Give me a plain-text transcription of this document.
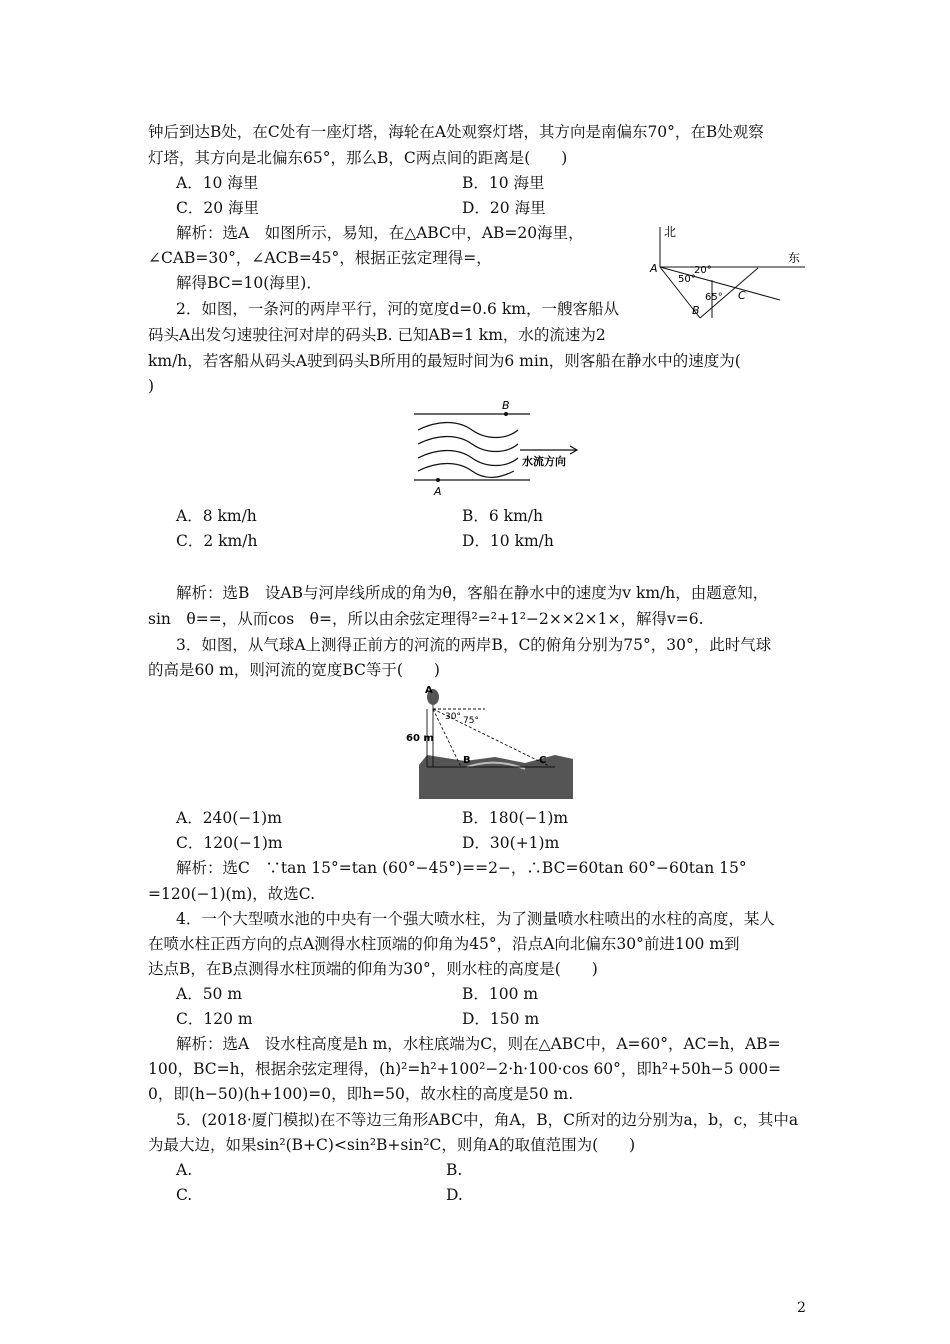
钟后到达B处，在C处有一座灯塔，海轮在A处观察灯塔，其方向是南偏东70°，在B处观察
灯塔，其方向是北偏东65°，那么B，C两点间的距离是(　　)
A．10 海里	B．10 海里
C．20 海里	D．20 海里
解析：选A　如图所示，易知，在△ABC中，AB=20海里，
∠CAB=30°，∠ACB=45°，根据正弦定理得=，
解得BC=10(海里)．
北
东
A
B
C
50°
20°
65°
2．如图，一条河的两岸平行，河的宽度d=0.6 km，一艘客船从
码头A出发匀速驶往河对岸的码头B. 已知AB=1 km，水的流速为2
km/h，若客船从码头A驶到码头B所用的最短时间为6 min，则客船在静水中的速度为(
)
B
A
水流方向
A．8 km/h	B．6 km/h
C．2 km/h	D．10 km/h
解析：选B　设AB与河岸线所成的角为θ，客船在静水中的速度为v km/h，由题意知，
sin　θ==，从而cos　θ=，所以由余弦定理得²=²+1²−2××2×1×，解得v=6.
3．如图，从气球A上测得正前方的河流的两岸B，C的俯角分别为75°，30°，此时气球
的高是60 m，则河流的宽度BC等于(　　)
A
B	C
60 m
30° 75°
A．240(−1)m	B．180(−1)m
C．120(−1)m	D．30(+1)m
解析：选C　∵tan 15°=tan (60°−45°)==2−，∴BC=60tan 60°−60tan 15°
=120(−1)(m)，故选C.
4．一个大型喷水池的中央有一个强大喷水柱，为了测量喷水柱喷出的水柱的高度，某人
在喷水柱正西方向的点A测得水柱顶端的仰角为45°，沿点A向北偏东30°前进100 m到
达点B，在B点测得水柱顶端的仰角为30°，则水柱的高度是(　　)
A．50 m	B．100 m
C．120 m	D．150 m
解析：选A　设水柱高度是h m，水柱底端为C，则在△ABC中，A=60°，AC=h，AB=
100，BC=h，根据余弦定理得，(h)²=h²+100²−2·h·100·cos 60°，即h²+50h−5 000=
0，即(h−50)(h+100)=0，即h=50，故水柱的高度是50 m.
5．(2018·厦门模拟)在不等边三角形ABC中，角A，B，C所对的边分别为a，b，c，其中a
为最大边，如果sin²(B+C)<sin²B+sin²C，则角A的取值范围为(　　)
A.	B.
C.	D.
2
